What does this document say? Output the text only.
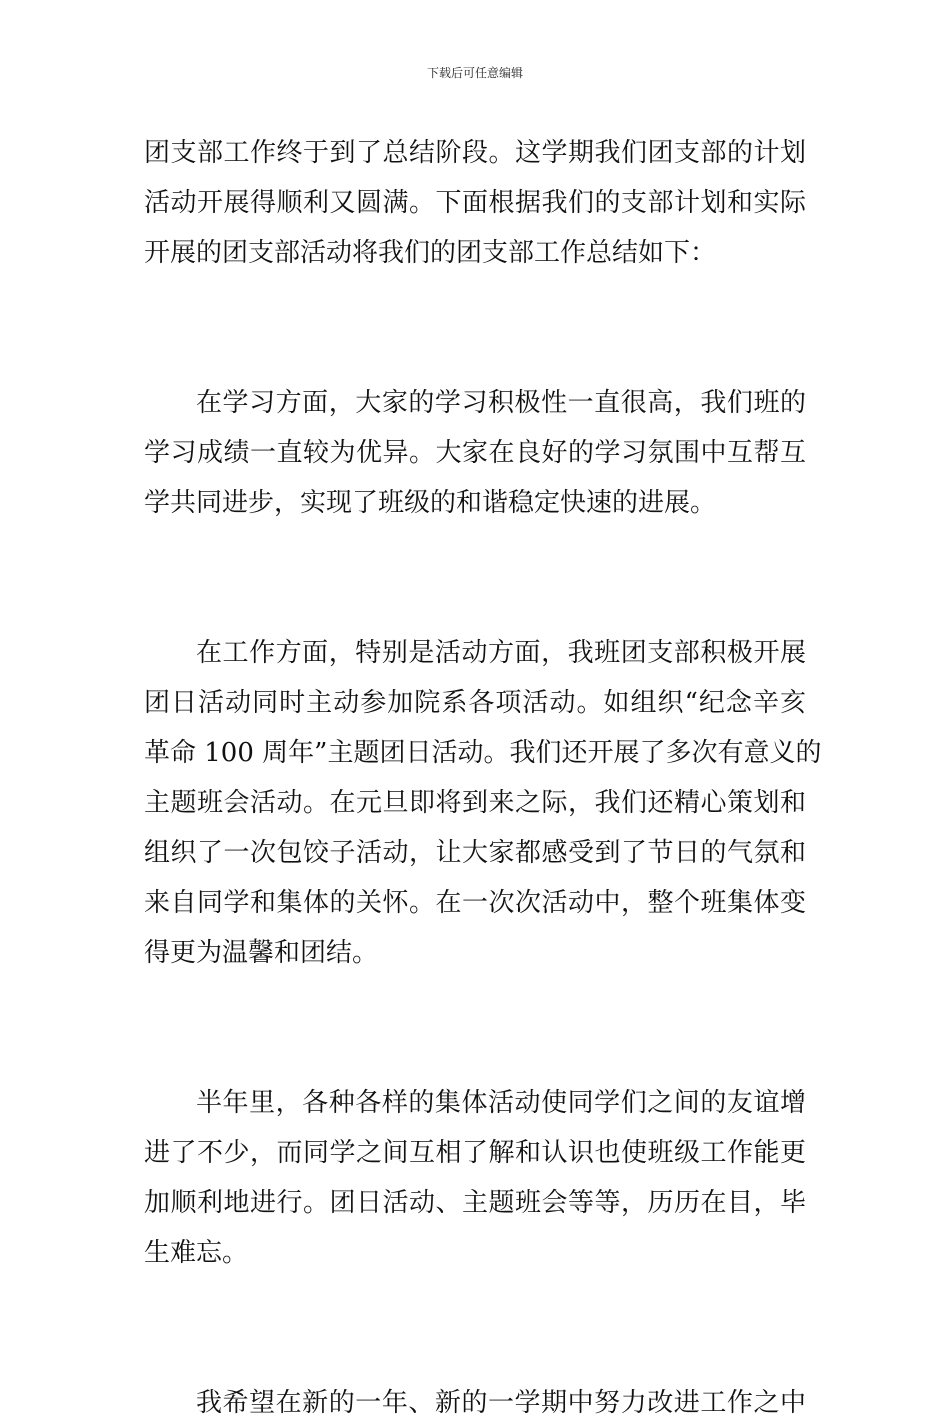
下载后可任意编辑
团支部工作终于到了总结阶段。这学期我们团支部的计划
活动开展得顺利又圆满。下面根据我们的支部计划和实际
开展的团支部活动将我们的团支部工作总结如下：
在学习方面，大家的学习积极性一直很高，我们班的
学习成绩一直较为优异。大家在良好的学习氛围中互帮互
学共同进步，实现了班级的和谐稳定快速的进展。
在工作方面，特别是活动方面，我班团支部积极开展
团日活动同时主动参加院系各项活动。如组织“纪念辛亥
革命 100 周年”主题团日活动。我们还开展了多次有意义的
主题班会活动。在元旦即将到来之际，我们还精心策划和
组织了一次包饺子活动，让大家都感受到了节日的气氛和
来自同学和集体的关怀。在一次次活动中，整个班集体变
得更为温馨和团结。
半年里，各种各样的集体活动使同学们之间的友谊增
进了不少，而同学之间互相了解和认识也使班级工作能更
加顺利地进行。团日活动、主题班会等等，历历在目，毕
生难忘。
我希望在新的一年、新的一学期中努力改进工作之中
